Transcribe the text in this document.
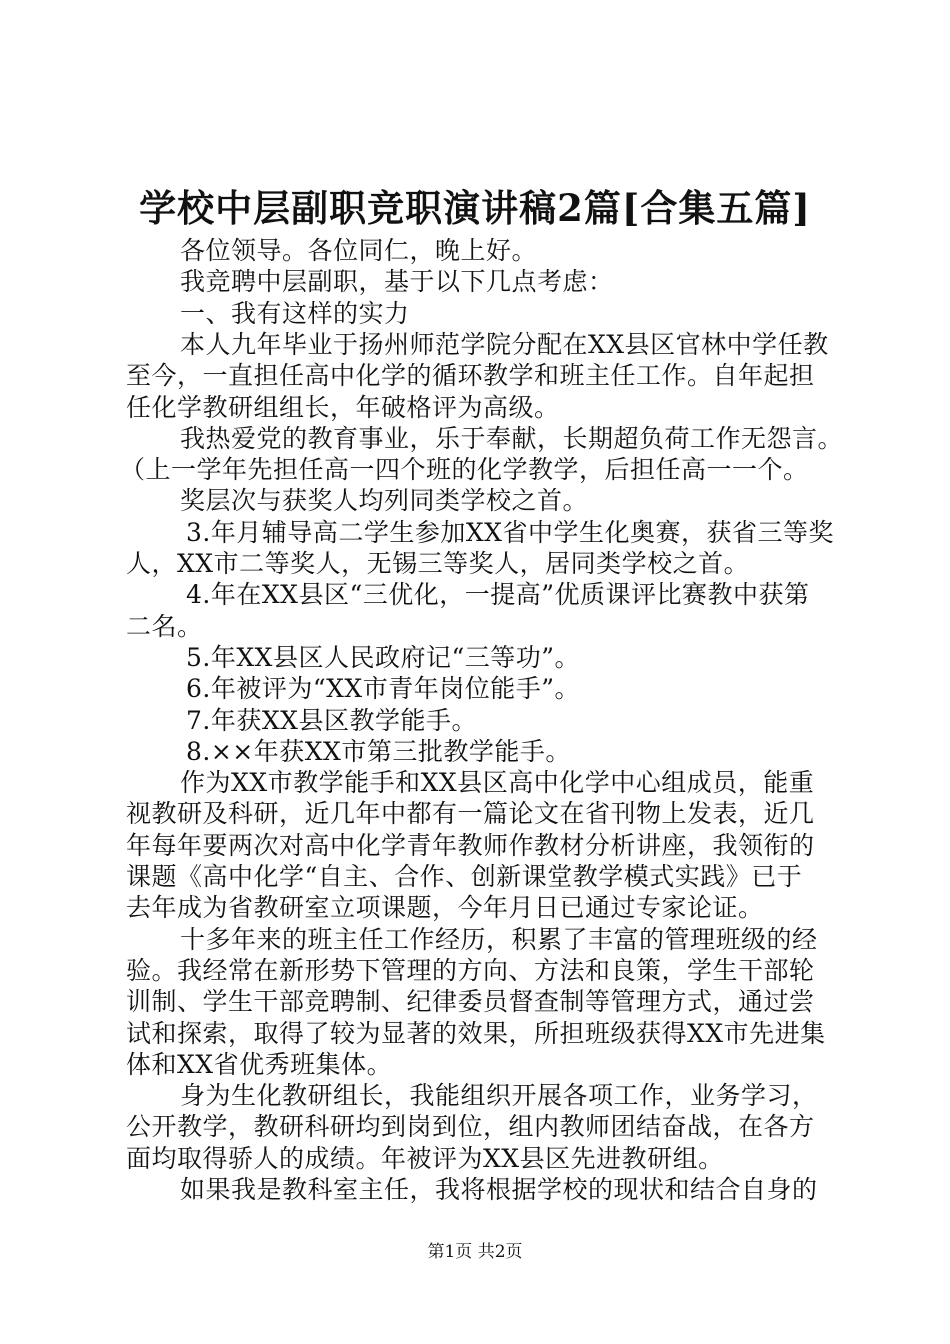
学校中层副职竞职演讲稿2篇[合集五篇]
各位领导。各位同仁，晚上好。
我竞聘中层副职，基于以下几点考虑：
一、我有这样的实力
本人九年毕业于扬州师范学院分配在XX县区官林中学任教
至今，一直担任高中化学的循环教学和班主任工作。自年起担
任化学教研组组长，年破格评为高级。
我热爱党的教育事业，乐于奉献，长期超负荷工作无怨言。
（上一学年先担任高一四个班的化学教学，后担任高一一个。
奖层次与获奖人均列同类学校之首。
3.年月辅导高二学生参加XX省中学生化奥赛，获省三等奖
人，XX市二等奖人，无锡三等奖人，居同类学校之首。
4.年在XX县区“三优化，一提高”优质课评比赛教中获第
二名。
5.年XX县区人民政府记“三等功”。
6.年被评为“XX市青年岗位能手”。
7.年获XX县区教学能手。
8.××年获XX市第三批教学能手。
作为XX市教学能手和XX县区高中化学中心组成员，能重
视教研及科研，近几年中都有一篇论文在省刊物上发表，近几
年每年要两次对高中化学青年教师作教材分析讲座，我领衔的
课题《高中化学“自主、合作、创新课堂教学模式实践》已于
去年成为省教研室立项课题，今年月日已通过专家论证。
十多年来的班主任工作经历，积累了丰富的管理班级的经
验。我经常在新形势下管理的方向、方法和良策，学生干部轮
训制、学生干部竞聘制、纪律委员督查制等管理方式，通过尝
试和探索，取得了较为显著的效果，所担班级获得XX市先进集
体和XX省优秀班集体。
身为生化教研组长，我能组织开展各项工作，业务学习，
公开教学，教研科研均到岗到位，组内教师团结奋战，在各方
面均取得骄人的成绩。年被评为XX县区先进教研组。
如果我是教科室主任，我将根据学校的现状和结合自身的
第1页 共2页
